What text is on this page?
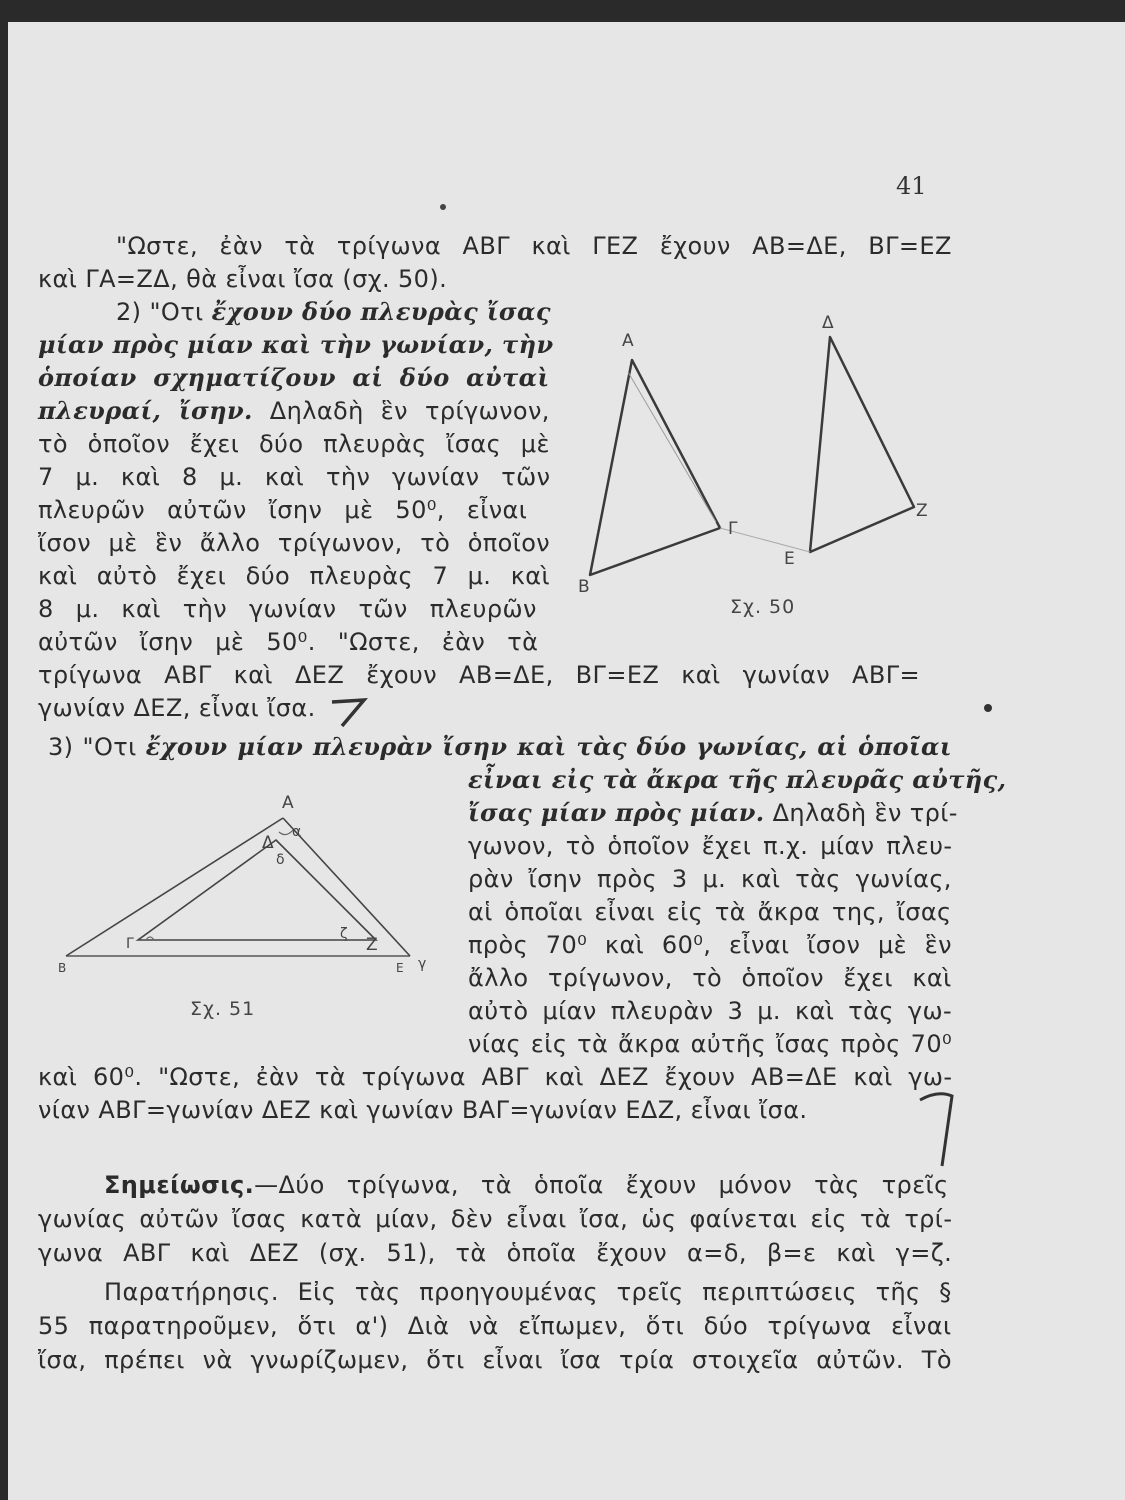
41
"Ωστε, ἐὰν τὰ τρίγωνα ΑΒΓ καὶ ΓΕΖ ἔχουν ΑΒ=ΔΕ, ΒΓ=ΕΖ
καὶ ΓΑ=ΖΔ, θὰ εἶναι ἴσα (σχ. 50).
2) "Οτι ἔχουν δύο πλευρὰς ἴσας
μίαν πρὸς μίαν καὶ τὴν γωνίαν, τὴν
ὁποίαν σχηματίζουν αἱ δύο αὐταὶ
πλευραί, ἴσην. Δηλαδὴ ἓν τρίγωνον,
τὸ ὁποῖον ἔχει δύο πλευρὰς ἴσας μὲ
7 μ. καὶ 8 μ. καὶ τὴν γωνίαν τῶν
πλευρῶν αὐτῶν ἴσην μὲ 50⁰, εἶναι
ἴσον μὲ ἓν ἄλλο τρίγωνον, τὸ ὁποῖον
καὶ αὐτὸ ἔχει δύο πλευρὰς 7 μ. καὶ
8 μ. καὶ τὴν γωνίαν τῶν πλευρῶν
αὐτῶν ἴσην μὲ 50⁰. "Ωστε, ἐὰν τὰ
τρίγωνα ΑΒΓ καὶ ΔΕΖ ἔχουν ΑΒ=ΔΕ, ΒΓ=ΕΖ καὶ γωνίαν ΑΒΓ=
γωνίαν ΔΕΖ, εἶναι ἴσα.
3) "Οτι ἔχουν μίαν πλευρὰν ἴσην καὶ τὰς δύο γωνίας, αἱ ὁποῖαι
εἶναι εἰς τὰ ἄκρα τῆς πλευρᾶς αὐτῆς,
ἴσας μίαν πρὸς μίαν. Δηλαδὴ ἓν τρί-
γωνον, τὸ ὁποῖον ἔχει π.χ. μίαν πλευ-
ρὰν ἴσην πρὸς 3 μ. καὶ τὰς γωνίας,
αἱ ὁποῖαι εἶναι εἰς τὰ ἄκρα της, ἴσας
πρὸς 70⁰ καὶ 60⁰, εἶναι ἴσον μὲ ἓν
ἄλλο τρίγωνον, τὸ ὁποῖον ἔχει καὶ
αὐτὸ μίαν πλευρὰν 3 μ. καὶ τὰς γω-
νίας εἰς τὰ ἄκρα αὐτῆς ἴσας πρὸς 70⁰
καὶ 60⁰. "Ωστε, ἐὰν τὰ τρίγωνα ΑΒΓ καὶ ΔΕΖ ἔχουν ΑΒ=ΔΕ καὶ γω-
νίαν ΑΒΓ=γωνίαν ΔΕΖ καὶ γωνίαν ΒΑΓ=γωνίαν ΕΔΖ, εἶναι ἴσα.
Σημείωσις.—Δύο τρίγωνα, τὰ ὁποῖα ἔχουν μόνον τὰς τρεῖς
γωνίας αὐτῶν ἴσας κατὰ μίαν, δὲν εἶναι ἴσα, ὡς φαίνεται εἰς τὰ τρί-
γωνα ΑΒΓ καὶ ΔΕΖ (σχ. 51), τὰ ὁποῖα ἔχουν α=δ, β=ε καὶ γ=ζ.
Παρατήρησις. Εἰς τὰς προηγουμένας τρεῖς περιπτώσεις τῆς §
55 παρατηροῦμεν, ὅτι α') Διὰ νὰ εἴπωμεν, ὅτι δύο τρίγωνα εἶναι
ἴσα, πρέπει νὰ γνωρίζωμεν, ὅτι εἶναι ἴσα τρία στοιχεῖα αὐτῶν. Τὸ
Α
Β
Γ
Δ
Ε
Ζ
Σχ. 50
Α
Δ
α
δ
Γ
ζ
Ζ
γ
Ε
Β
Σχ. 51
